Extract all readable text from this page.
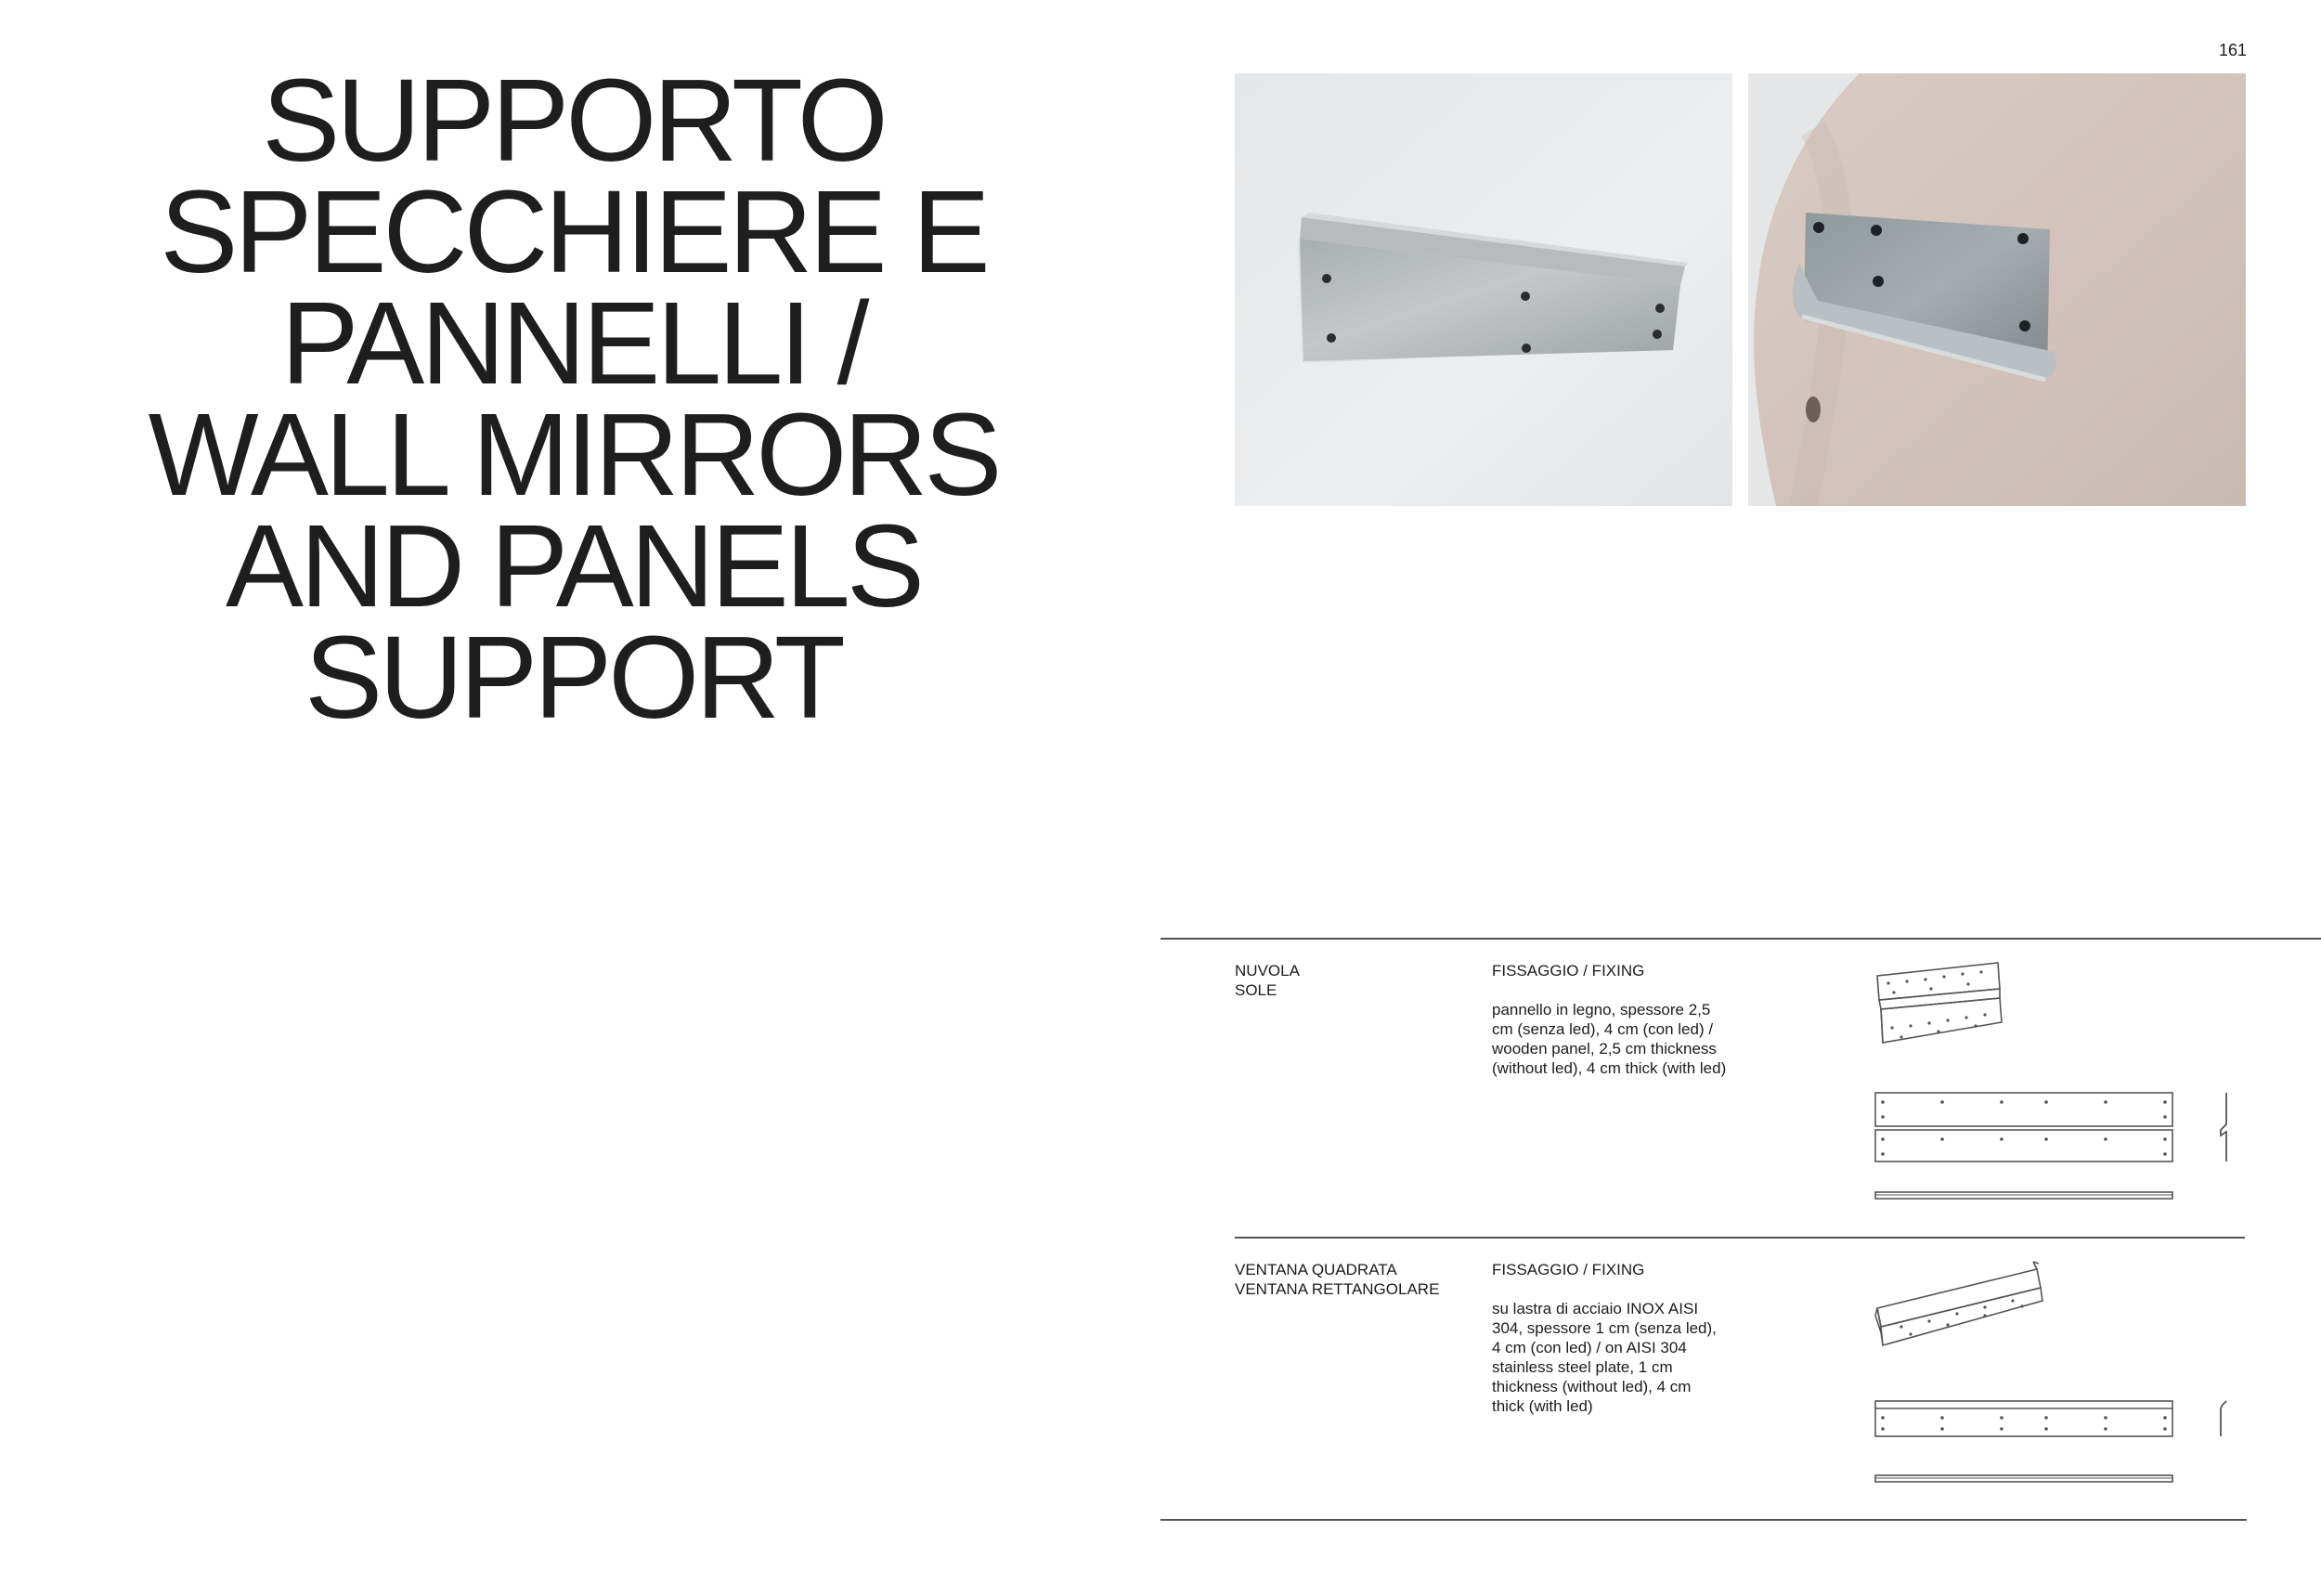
161
SUPPORTO
SPECCHIERE E
PANNELLI /
WALL MIRRORS
AND PANELS
SUPPORT
NUVOLA
SOLE
FISSAGGIO / FIXING
pannello in legno, spessore 2,5
cm (senza led), 4 cm (con led) /
wooden panel, 2,5 cm thickness
(without led), 4 cm thick (with led)
VENTANA QUADRATA
VENTANA RETTANGOLARE
FISSAGGIO / FIXING
su lastra di acciaio INOX AISI
304, spessore 1 cm (senza led),
4 cm (con led) / on AISI 304
stainless steel plate, 1 cm
thickness (without led), 4 cm
thick (with led)
